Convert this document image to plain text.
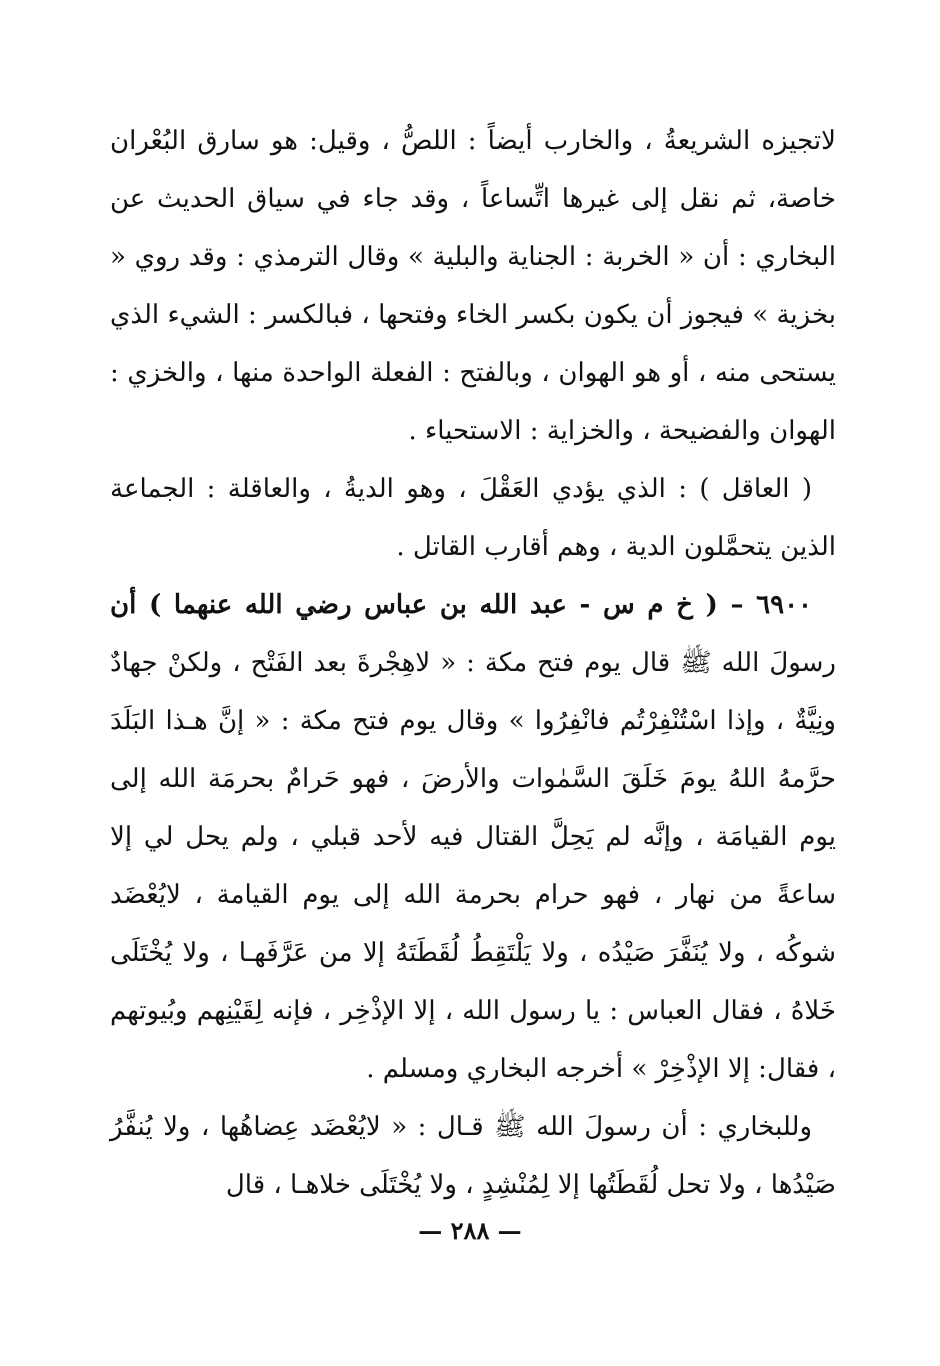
لاتجيزه الشريعةُ ، والخارب أيضاً : اللصُّ ، وقيل: هو سارق البُعْران خاصة، ثم نقل إلى غيرها اتِّساعاً ، وقد جاء في سياق الحديث عن البخاري : أن « الخربة : الجناية والبلية » وقال الترمذي : وقد روي « بخزية » فيجوز أن يكون بكسر الخاء وفتحها ، فبالكسر : الشيء الذي يستحى منه ، أو هو الهوان ، وبالفتح : الفعلة الواحدة منها ، والخزي : الهوان والفضيحة ، والخزاية : الاستحياء .

( العاقل ) : الذي يؤدي العَقْلَ ، وهو الديةُ ، والعاقلة : الجماعة الذين يتحمَّلون الدية ، وهم أقارب القاتل .

٦٩٠٠ – ( خ م س - عبد الله بن عباس رضي الله عنهما ) أن رسولَ الله ﷺ قال يوم فتح مكة : « لاهِجْرةَ بعد الفَتْح ، ولكنْ جهادٌ ونِيَّةٌ ، وإذا اسْتُنْفِرْتُم فانْفِرُوا » وقال يوم فتح مكة : « إنَّ هـذا البَلَدَ حرَّمهُ اللهُ يومَ خَلَقَ السَّمٰوات والأرضَ ، فهو حَرامٌ بحرمَة الله إلى يوم القيامَة ، وإنَّه لم يَحِلَّ القتال فيه لأحد قبلي ، ولم يحل لي إلا ساعةً من نهار ، فهو حرام بحرمة الله إلى يوم القيامة ، لايُعْضَد شوكُه ، ولا يُنَفَّرَ صَيْدُه ، ولا يَلْتَقِطُ لُقَطَتَهُ إلا من عَرَّفَهـا ، ولا يُخْتَلَى خَلاهُ ، فقال العباس : يا رسول الله ، إلا الإذْخِر ، فإنه لِقَيْنِهم وبُيوتهم ، فقال: إلا الإذْخِرْ » أخرجه البخاري ومسلم .

وللبخاري : أن رسولَ الله ﷺ قـال : « لايُعْضَد عِضاهُها ، ولا يُنفَّرُ صَيْدُها ، ولا تحل لُقَطَتُها إلا لِمُنْشِدٍ ، ولا يُخْتَلَى خلاهـا ، قال

— ٢٨٨ —
